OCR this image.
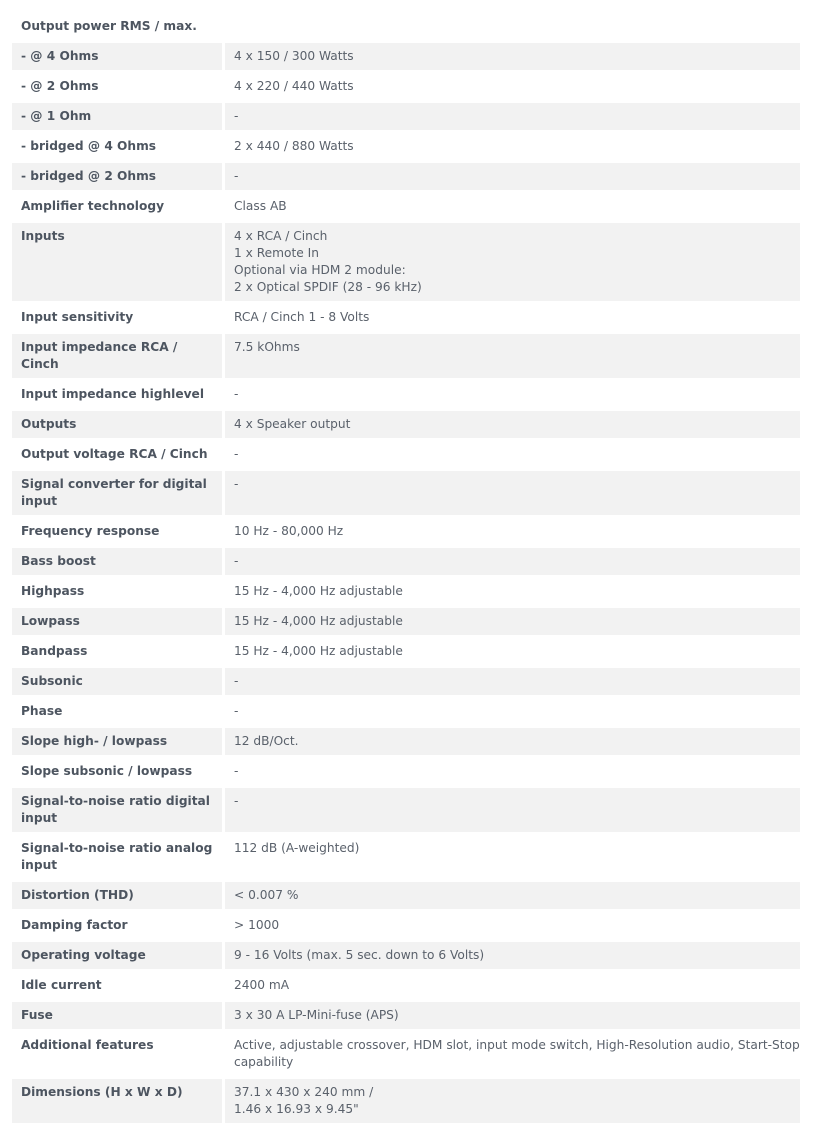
Output power RMS / max.	
- @ 4 Ohms	4 x 150 / 300 Watts
- @ 2 Ohms	4 x 220 / 440 Watts
- @ 1 Ohm	-
- bridged @ 4 Ohms	2 x 440 / 880 Watts
- bridged @ 2 Ohms	-
Amplifier technology	Class AB
Inputs	4 x RCA / Cinch
1 x Remote In
Optional via HDM 2 module:
2 x Optical SPDIF (28 - 96 kHz)

Input sensitivity	RCA / Cinch 1 - 8 Volts
Input impedance RCA / Cinch	7.5 kOhms
Input impedance highlevel	-
Outputs	4 x Speaker output
Output voltage RCA / Cinch	-

Signal converter for digital
input	-
Frequency response	10 Hz - 80,000 Hz
Bass boost	-
Highpass	15 Hz - 4,000 Hz adjustable
Lowpass	15 Hz - 4,000 Hz adjustable
Bandpass	15 Hz - 4,000 Hz adjustable
Subsonic	-
Phase	-
Slope high- / lowpass	12 dB/Oct.
Slope subsonic / lowpass	-

Signal-to-noise ratio digital
input	-

Signal-to-noise ratio analog
input	112 dB (A-weighted)
Distortion (THD)	< 0.007 %
Damping factor	> 1000
Operating voltage	9 - 16 Volts (max. 5 sec. down to 6 Volts)
Idle current	2400 mA
Fuse	3 x 30 A LP-Mini-fuse (APS)
Additional features	Active, adjustable crossover, HDM slot, input mode switch, High-Resolution audio, Start-Stop
capability

Dimensions (H x W x D)	37.1 x 430 x 240 mm /
1.46 x 16.93 x 9.45"
